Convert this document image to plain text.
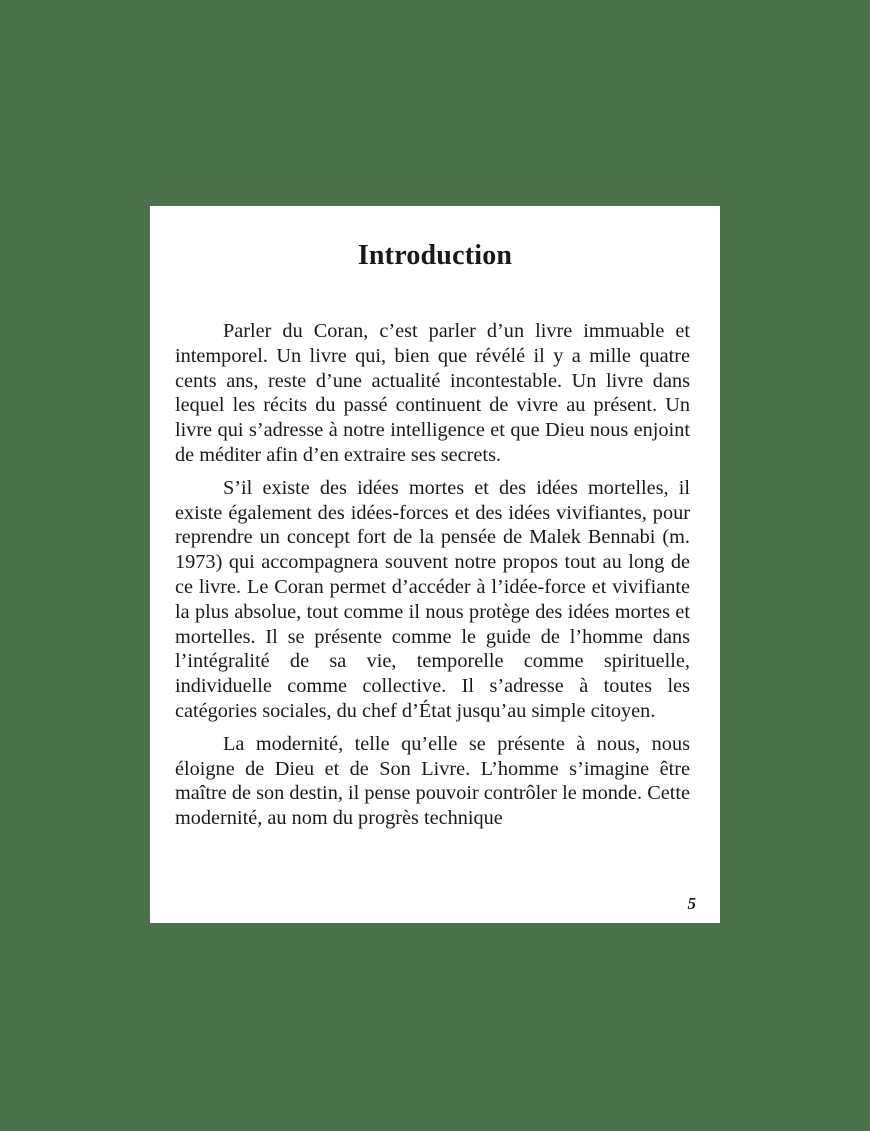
Introduction

Parler du Coran, c’est parler d’un livre immuable et intemporel. Un livre qui, bien que révélé il y a mille quatre cents ans, reste d’une actualité incontestable. Un livre dans lequel les récits du passé continuent de vivre au présent. Un livre qui s’adresse à notre intelligence et que Dieu nous enjoint de méditer afin d’en extraire ses secrets.

S’il existe des idées mortes et des idées mortelles, il existe également des idées-forces et des idées vivifiantes, pour reprendre un concept fort de la pensée de Malek Bennabi (m. 1973) qui accompagnera souvent notre propos tout au long de ce livre. Le Coran permet d’accéder à l’idée-force et vivifiante la plus absolue, tout comme il nous protège des idées mortes et mortelles. Il se présente comme le guide de l’homme dans l’intégralité de sa vie, temporelle comme spirituelle, individuelle comme collective. Il s’adresse à toutes les catégories sociales, du chef d’État jusqu’au simple citoyen.

La modernité, telle qu’elle se présente à nous, nous éloigne de Dieu et de Son Livre. L’homme s’imagine être maître de son destin, il pense pouvoir contrôler le monde. Cette modernité, au nom du progrès technique

5
